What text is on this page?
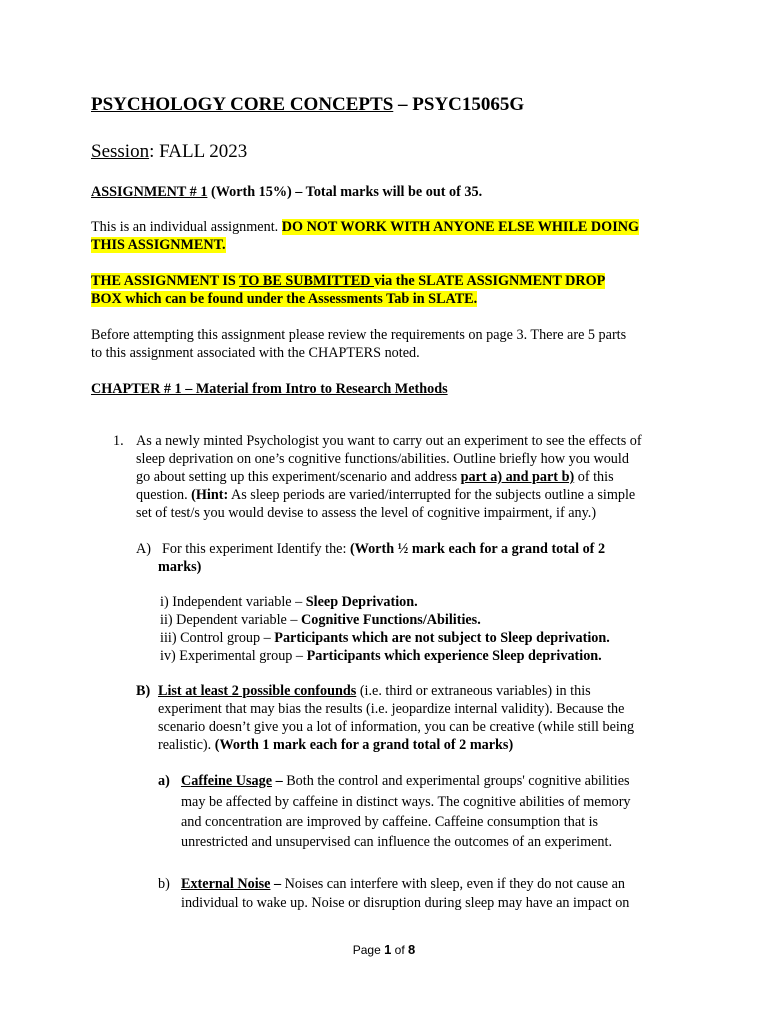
PSYCHOLOGY CORE CONCEPTS – PSYC15065G
Session: FALL 2023
ASSIGNMENT # 1 (Worth 15%) – Total marks will be out of 35.
This is an individual assignment. DO NOT WORK WITH ANYONE ELSE WHILE DOING
THIS ASSIGNMENT.
THE ASSIGNMENT IS TO BE SUBMITTED via the SLATE ASSIGNMENT DROP
BOX which can be found under the Assessments Tab in SLATE.
Before attempting this assignment please review the requirements on page 3. There are 5 parts
to this assignment associated with the CHAPTERS noted.
CHAPTER # 1 – Material from Intro to Research Methods
1. As a newly minted Psychologist you want to carry out an experiment to see the effects of
sleep deprivation on one’s cognitive functions/abilities. Outline briefly how you would
go about setting up this experiment/scenario and address part a) and part b) of this
question. (Hint: As sleep periods are varied/interrupted for the subjects outline a simple
set of test/s you would devise to assess the level of cognitive impairment, if any.)
A) For this experiment Identify the: (Worth ½ mark each for a grand total of 2
marks)
i) Independent variable – Sleep Deprivation.
ii) Dependent variable – Cognitive Functions/Abilities.
iii) Control group – Participants which are not subject to Sleep deprivation.
iv) Experimental group – Participants which experience Sleep deprivation.
B) List at least 2 possible confounds (i.e. third or extraneous variables) in this
experiment that may bias the results (i.e. jeopardize internal validity). Because the
scenario doesn’t give you a lot of information, you can be creative (while still being
realistic). (Worth 1 mark each for a grand total of 2 marks)
a) Caffeine Usage – Both the control and experimental groups' cognitive abilities
may be affected by caffeine in distinct ways. The cognitive abilities of memory
and concentration are improved by caffeine. Caffeine consumption that is
unrestricted and unsupervised can influence the outcomes of an experiment.
b) External Noise – Noises can interfere with sleep, even if they do not cause an
individual to wake up. Noise or disruption during sleep may have an impact on
Page 1 of 8
